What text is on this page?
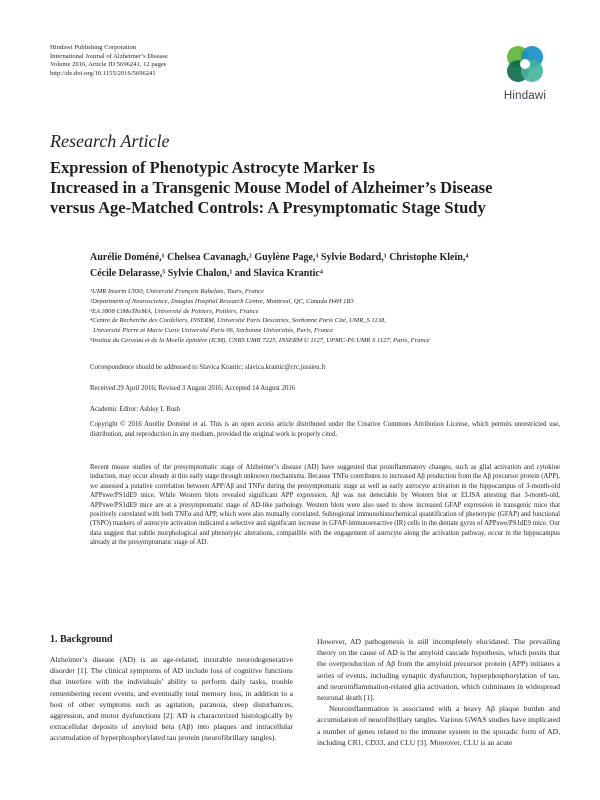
Hindawi Publishing Corporation
International Journal of Alzheimer’s Disease
Volume 2016, Article ID 5696241, 12 pages
http://dx.doi.org/10.1155/2016/5696241
Hindawi
Research Article
Expression of Phenotypic Astrocyte Marker Is
Increased in a Transgenic Mouse Model of Alzheimer’s Disease
versus Age-Matched Controls: A Presymptomatic Stage Study
Aurélie Doméné,¹ Chelsea Cavanagh,² Guylène Page,³ Sylvie Bodard,¹ Christophe Klein,⁴
Cécile Delarasse,⁵ Sylvie Chalon,¹ and Slavica Krantic⁴
¹UMR Inserm U930, Université François Rabelais, Tours, France
²Department of Neuroscience, Douglas Hospital Research Centre, Montreal, QC, Canada H4H 1R3
³EA 3808 CiMoTheMA, Université de Poitiers, Poitiers, France
⁴Centre de Recherche des Cordeliers, INSERM, Université Paris Descartes, Sorbonne Paris Cité, UMR_S 1138,
Université Pierre et Marie Curie Université Paris 06, Sorbonne Universités, Paris, France
⁵Institut du Cerveau et de la Moelle épinière (ICM), CNRS UMR 7225, INSERM U 1127, UPMC-P6 UMR S 1127, Paris, France
Correspondence should be addressed to Slavica Krantic; slavica.krantic@crc.jussieu.fr
Received 29 April 2016; Revised 3 August 2016; Accepted 14 August 2016
Academic Editor: Ashley I. Bush
Copyright © 2016 Aurélie Doméné et al. This is an open access article distributed under the Creative Commons Attribution License, which permits unrestricted use, distribution, and reproduction in any medium, provided the original work is properly cited.
Recent mouse studies of the presymptomatic stage of Alzheimer’s disease (AD) have suggested that proinflammatory changes, such as glial activation and cytokine induction, may occur already at this early stage through unknown mechanisms. Because TNFα contributes to increased Aβ production from the Aβ precursor protein (APP), we assessed a putative correlation between APP/Aβ and TNFα during the presymptomatic stage as well as early astrocyte activation in the hippocampus of 3-month-old APPswe/PS1dE9 mice. While Western blots revealed significant APP expression, Aβ was not detectable by Western blot or ELISA attesting that 3-month-old, APPswe/PS1dE9 mice are at a presymptomatic stage of AD-like pathology. Western blots were also used to show increased GFAP expression in transgenic mice that positively correlated with both TNFα and APP, which were also mutually correlated. Subregional immunohistochemical quantification of phenotypic (GFAP) and functional (TSPO) markers of astrocyte activation indicated a selective and significant increase in GFAP-immunoreactive (IR) cells in the dentate gyrus of APPswe/PS1dE9 mice. Our data suggest that subtle morphological and phenotypic alterations, compatible with the engagement of astrocyte along the activation pathway, occur in the hippocampus already at the presymptomatic stage of AD.
1. Background

Alzheimer’s disease (AD) is an age-related, incurable neurodegenerative disorder [1]. The clinical symptoms of AD include loss of cognitive functions that interfere with the individuals’ ability to perform daily tasks, trouble remembering recent events, and eventually total memory loss, in addition to a host of other symptoms such as agitation, paranoia, sleep disturbances, aggression, and motor dysfunctions [2]. AD is characterized histologically by extracellular deposits of amyloid beta (Aβ) into plaques and intracellular accumulation of hyperphosphorylated tau protein (neurofibrillary tangles).

However, AD pathogenesis is still incompletely elucidated. The prevailing theory on the cause of AD is the amyloid cascade hypothesis, which posits that the overproduction of Aβ from the amyloid precursor protein (APP) initiates a series of events, including synaptic dysfunction, hyperphosphorylation of tau, and neuroinflammation-related glia activation, which culminates in widespread neuronal death [1].

Neuroinflammation is associated with a heavy Aβ plaque burden and accumulation of neurofibrillary tangles. Various GWAS studies have implicated a number of genes related to the immune system in the sporadic form of AD, including CR1, CD33, and CLU [3]. Moreover, CLU is an acute
